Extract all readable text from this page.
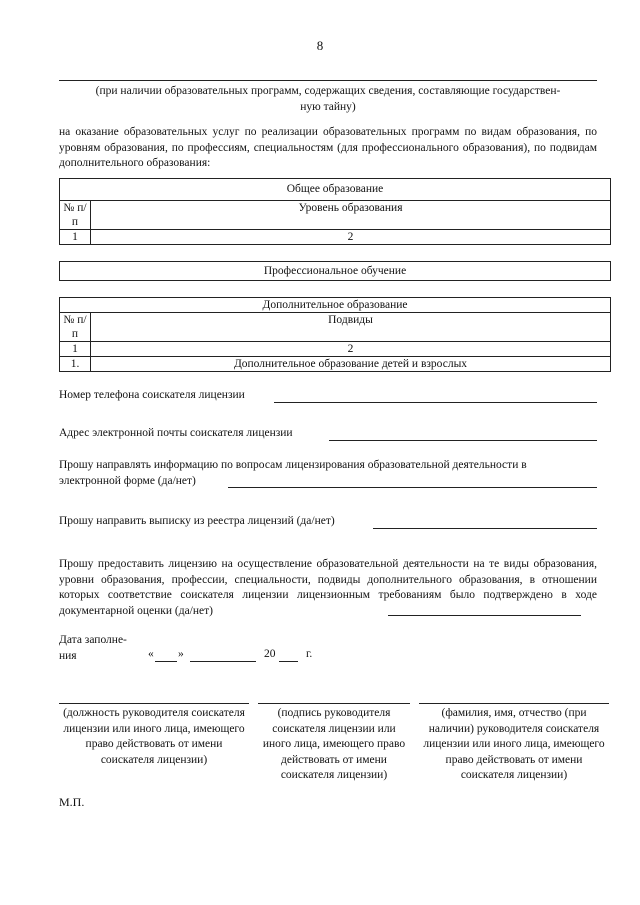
8
(при наличии образовательных программ, содержащих сведения, составляющие государствен-
ную тайну)
на оказание образовательных услуг по реализации образовательных программ по видам образования, по уровням образования, по профессиям, специальностям (для профессионального образования), по подвидам дополнительного образования:
Общее образование	
№ п/п	Уровень образования
1	2
Профессиональное обучение
Дополнительное образование	
№ п/п	Подвиды
1	2
1.	Дополнительное образование детей и взрослых
Номер телефона соискателя лицензии
Адрес электронной почты соискателя лицензии
Прошу направлять информацию по вопросам лицензирования образовательной деятельности в
электронной форме (да/нет)
Прошу направить выписку из реестра лицензий (да/нет)
Прошу предоставить лицензию на осуществление образовательной деятельности на те виды образования, уровни образования, профессии, специальности, подвиды дополнительного образования, в отношении которых соответствие соискателя лицензии лицензионным требованиям было подтверждено в ходе документарной оценки (да/нет)
Дата заполне-
ния	« »	20	г.
(должность руководителя соискателя лицензии или иного лица, имеющего право действовать от имени соискателя лицензии)
(подпись руководителя соискателя лицензии или иного лица, имеющего право действовать от имени соискателя лицензии)
(фамилия, имя, отчество (при наличии) руководителя соискателя лицензии или иного лица, имеющего право действовать от имени соискателя лицензии)
М.П.
